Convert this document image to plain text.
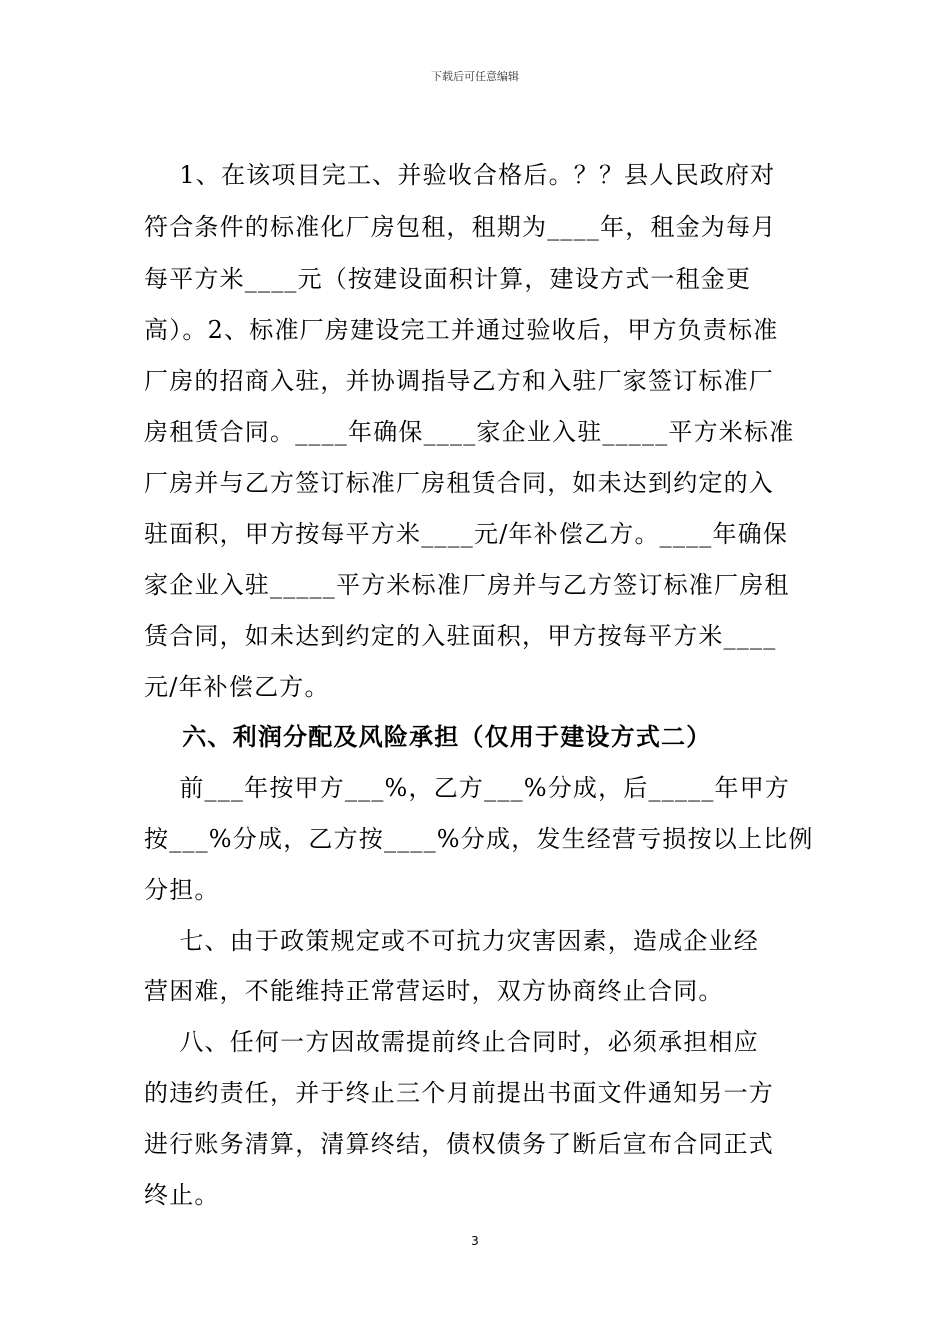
下载后可任意编辑
1、在该项目完工、并验收合格后。？？县人民政府对
符合条件的标准化厂房包租，租期为____年，租金为每月
每平方米____元（按建设面积计算，建设方式一租金更
高）。2、标准厂房建设完工并通过验收后，甲方负责标准
厂房的招商入驻，并协调指导乙方和入驻厂家签订标准厂
房租赁合同。____年确保____家企业入驻_____平方米标准
厂房并与乙方签订标准厂房租赁合同，如未达到约定的入
驻面积，甲方按每平方米____元/年补偿乙方。____年确保
家企业入驻_____平方米标准厂房并与乙方签订标准厂房租
赁合同，如未达到约定的入驻面积，甲方按每平方米____
元/年补偿乙方。
六、利润分配及风险承担（仅用于建设方式二）
前___年按甲方___%，乙方___%分成，后_____年甲方
按___%分成，乙方按____%分成，发生经营亏损按以上比例
分担。
七、由于政策规定或不可抗力灾害因素，造成企业经
营困难，不能维持正常营运时，双方协商终止合同。
八、任何一方因故需提前终止合同时，必须承担相应
的违约责任，并于终止三个月前提出书面文件通知另一方
进行账务清算，清算终结，债权债务了断后宣布合同正式
终止。
3
